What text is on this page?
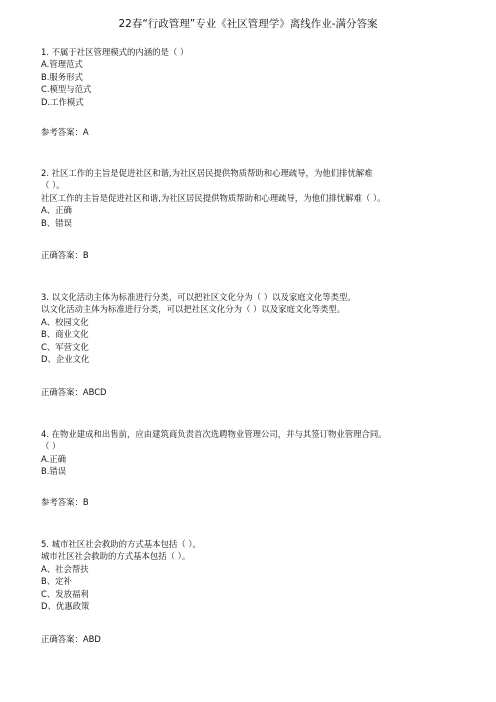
22春“行政管理”专业《社区管理学》离线作业-满分答案

1. 不属于社区管理模式的内涵的是（ ）

A.管理范式

B.服务形式

C.模型与范式

D.工作模式

参考答案：A

2. 社区工作的主旨是促进社区和谐,为社区居民提供物质帮助和心理疏导，为他们排忧解难

（ ）。

社区工作的主旨是促进社区和谐,为社区居民提供物质帮助和心理疏导，为他们排忧解难（ ）。

A、正确

B、错误

正确答案：B

3. 以文化活动主体为标准进行分类，可以把社区文化分为（ ）以及家庭文化等类型。

以文化活动主体为标准进行分类，可以把社区文化分为（ ）以及家庭文化等类型。

A、校园文化

B、商业文化

C、军营文化

D、企业文化

正确答案：ABCD

4. 在物业建成和出售前，应由建筑商负责首次选聘物业管理公司，并与其签订物业管理合同。

（ ）

A.正确

B.错误

参考答案：B

5. 城市社区社会救助的方式基本包括（ ）。

城市社区社会救助的方式基本包括（ ）。

A、社会帮扶

B、定补

C、发放福利

D、优惠政策

正确答案：ABD
